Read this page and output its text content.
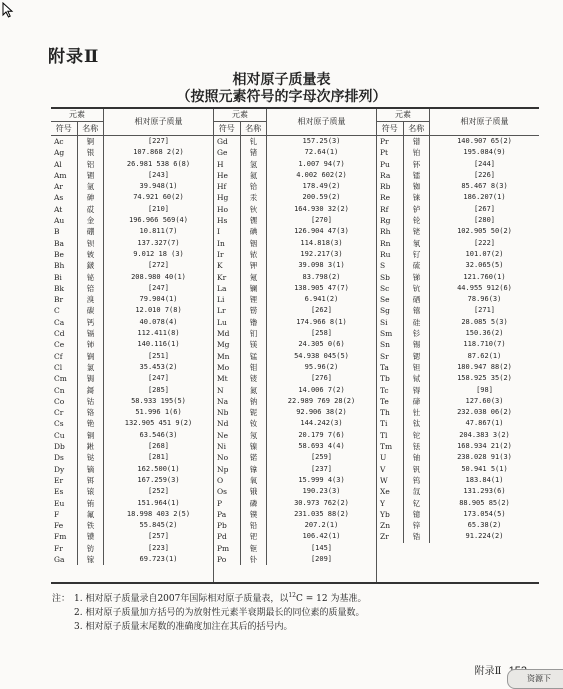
附录Ⅱ
相对原子质量表
（按照元素符号的字母次序排列）
元素
符号	名称
相对原子质量
Ac	锕	[227]
Ag	银	107.868 2(2)
Al	铝	26.981 538 6(8)
Am	镅	[243]
Ar	氩	39.948(1)
As	砷	74.921 60(2)
At	砹	[210]
Au	金	196.966 569(4)
B	硼	10.811(7)
Ba	钡	137.327(7)
Be	铍	9.012 18 (3)
Bh	𨨏	[272]
Bi	铋	208.980 40(1)
Bk	锫	[247]
Br	溴	79.904(1)
C	碳	12.010 7(8)
Ca	钙	40.078(4)
Cd	镉	112.411(8)
Ce	铈	140.116(1)
Cf	锎	[251]
Cl	氯	35.453(2)
Cm	锔	[247]
Cn	鎶	[285]
Co	钴	58.933 195(5)
Cr	铬	51.996 1(6)
Cs	铯	132.905 451 9(2)
Cu	铜	63.546(3)
Db	𨧀	[268]
Ds	𫟼	[281]
Dy	镝	162.500(1)
Er	铒	167.259(3)
Es	锿	[252]
Eu	铕	151.964(1)
F	氟	18.998 403 2(5)
Fe	铁	55.845(2)
Fm	镄	[257]
Fr	钫	[223]
Ga	镓	69.723(1)
元素
符号	名称
相对原子质量
Gd	钆	157.25(3)
Ge	锗	72.64(1)
H	氢	1.007 94(7)
He	氦	4.002 602(2)
Hf	铪	178.49(2)
Hg	汞	200.59(2)
Ho	钬	164.930 32(2)
Hs	𬭶	[270]
I	碘	126.904 47(3)
In	铟	114.818(3)
Ir	铱	192.217(3)
K	钾	39.098 3(1)
Kr	氪	83.798(2)
La	镧	138.905 47(7)
Li	锂	6.941(2)
Lr	铹	[262]
Lu	镥	174.966 8(1)
Md	钔	[258]
Mg	镁	24.305 0(6)
Mn	锰	54.938 045(5)
Mo	钼	95.96(2)
Mt	鿏	[276]
N	氮	14.006 7(2)
Na	钠	22.989 769 28(2)
Nb	铌	92.906 38(2)
Nd	钕	144.242(3)
Ne	氖	20.179 7(6)
Ni	镍	58.693 4(4)
No	锘	[259]
Np	镎	[237]
O	氧	15.999 4(3)
Os	锇	190.23(3)
P	磷	30.973 762(2)
Pa	镤	231.035 88(2)
Pb	铅	207.2(1)
Pd	钯	106.42(1)
Pm	钷	[145]
Po	钋	[209]
元素
符号	名称
相对原子质量
Pr	镨	140.907 65(2)
Pt	铂	195.084(9)
Pu	钚	[244]
Ra	镭	[226]
Rb	铷	85.467 8(3)
Re	铼	186.207(1)
Rf	𬬻	[267]
Rg	𬬭	[280]
Rh	铑	102.905 50(2)
Rn	氡	[222]
Ru	钌	101.07(2)
S	硫	32.065(5)
Sb	锑	121.760(1)
Sc	钪	44.955 912(6)
Se	硒	78.96(3)
Sg	𬭳	[271]
Si	硅	28.085 5(3)
Sm	钐	150.36(2)
Sn	锡	118.710(7)
Sr	锶	87.62(1)
Ta	钽	180.947 88(2)
Tb	铽	158.925 35(2)
Tc	锝	[98]
Te	碲	127.60(3)
Th	钍	232.038 06(2)
Ti	钛	47.867(1)
Tl	铊	204.383 3(2)
Tm	铥	168.934 21(2)
U	铀	238.028 91(3)
V	钒	50.941 5(1)
W	钨	183.84(1)
Xe	氙	131.293(6)
Y	钇	88.905 85(2)
Yb	镱	173.054(5)
Zn	锌	65.38(2)
Zr	锆	91.224(2)
注： 1. 相对原子质量录自2007年国际相对原子质量表，以$^{12}$C = 12 为基准。
2. 相对原子质量加方括号的为放射性元素半衰期最长的同位素的质量数。
3. 相对原子质量末尾数的准确度加注在其后的括号内。
附录Ⅱ
资源下
